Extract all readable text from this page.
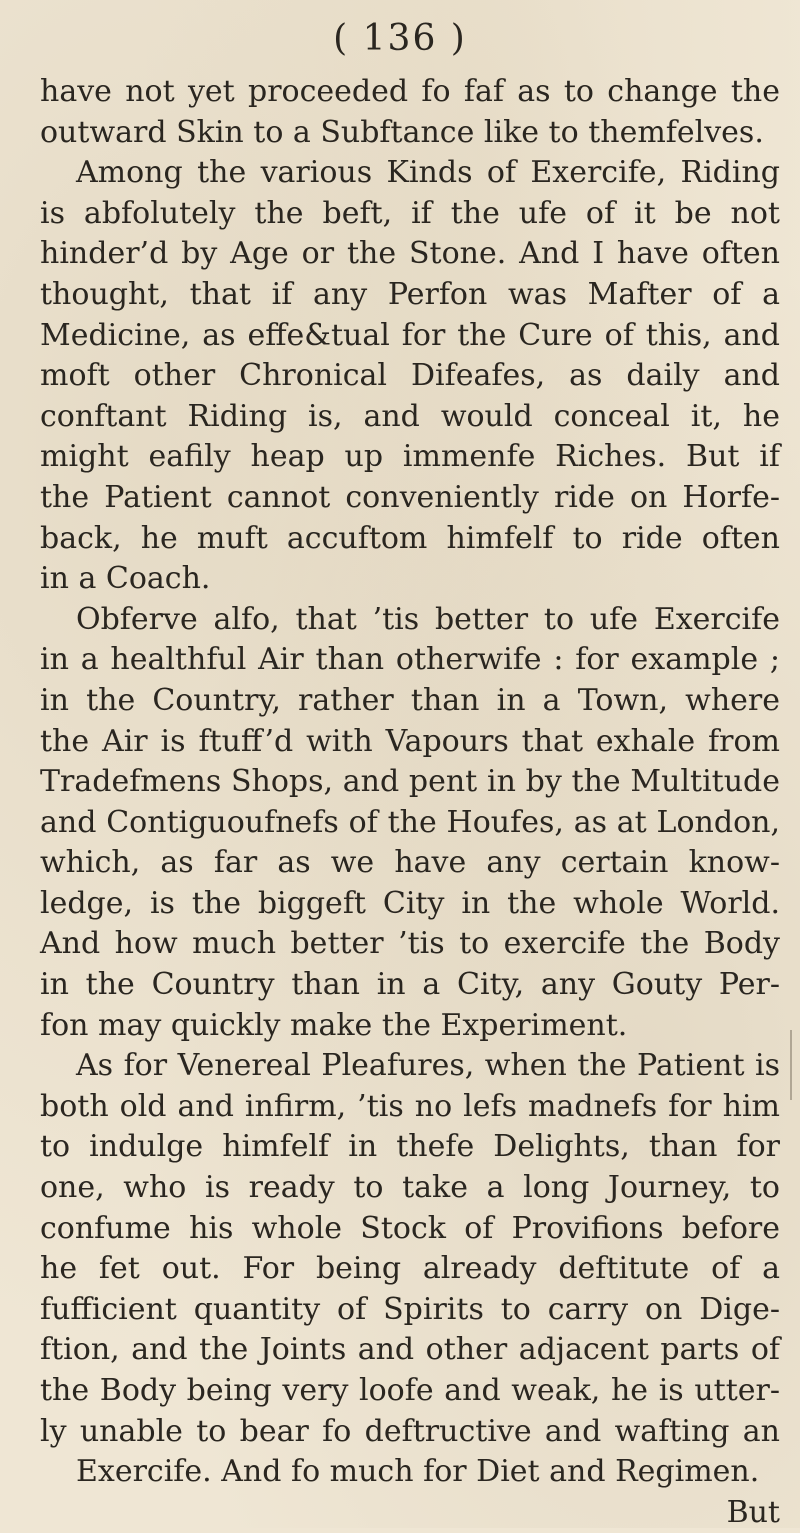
( 136 )
have not yet proceeded fo faf as to change the
outward Skin to a Subftance like to themfelves.
Among the various Kinds of Exercife, Riding
is abfolutely the beft, if the ufe of it be not
hinder’d by Age or the Stone. And I have often
thought, that if any Perfon was Mafter of a
Medicine, as effe&tual for the Cure of this, and
moft other Chronical Difeafes, as daily and
conftant Riding is, and would conceal it, he
might eafily heap up immenfe Riches. But if
the Patient cannot conveniently ride on Horfe-
back, he muft accuftom himfelf to ride often
in a Coach.
Obferve alfo, that ’tis better to ufe Exercife
in a healthful Air than otherwife : for example ;
in the Country, rather than in a Town, where
the Air is ftuff’d with Vapours that exhale from
Tradefmens Shops, and pent in by the Multitude
and Contiguoufnefs of the Houfes, as at London,
which, as far as we have any certain know-
ledge, is the biggeft City in the whole World.
And how much better ’tis to exercife the Body
in the Country than in a City, any Gouty Per-
fon may quickly make the Experiment.
As for Venereal Pleafures, when the Patient is
both old and infirm, ’tis no lefs madnefs for him
to indulge himfelf in thefe Delights, than for
one, who is ready to take a long Journey, to
confume his whole Stock of Provifions before
he fet out. For being already deftitute of a
fufficient quantity of Spirits to carry on Dige-
ftion, and the Joints and other adjacent parts of
the Body being very loofe and weak, he is utter-
ly unable to bear fo deftructive and wafting an
Exercife. And fo much for Diet and Regimen.
But
